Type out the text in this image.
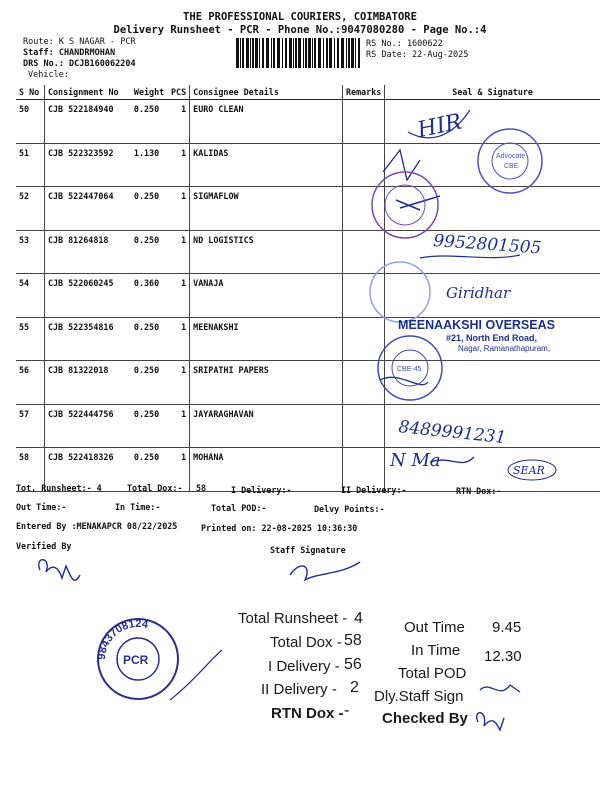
THE PROFESSIONAL COURIERS, COIMBATORE
Delivery Runsheet - PCR - Phone No.:9047080280 - Page No.:4
Route: K S NAGAR - PCR
Staff: CHANDRMOHAN
DRS No.: DCJB160062204
Vehicle:
RS No.: 1600622
RS Date: 22-Aug-2025
S No	Consignment No	Weight	PCS	Consignee Details	Remarks	Seal & Signature
50	CJB 522184940	0.250	1	EURO CLEAN		
51	CJB 522323592	1.130	1	KALIDAS		
52	CJB 522447064	0.250	1	SIGMAFLOW		
53	CJB 81264818	0.250	1	ND LOGISTICS		
54	CJB 522060245	0.360	1	VANAJA		
55	CJB 522354816	0.250	1	MEENAKSHI		
56	CJB 81322018	0.250	1	SRIPATHI PAPERS		
57	CJB 522444756	0.250	1	JAYARAGHAVAN		
58	CJB 522418326	0.250	1	MOHANA		
Tot. Runsheet:- 4	Total Dox:- 58	I Delivery:-	II Delivery:-	RTN Dox:-
Out Time:-	In Time:-	Total POD:-	Delvy Points:-
Entered By :MENAKAPCR 08/22/2025	Printed on: 22-08-2025 10:36:30
Verified By	Staff Signature
HIR
9952801505
Giridhar
8489991231
N Ma	SEAR
Advocate
CBE
CBE-45
MEENAAKSHI OVERSEAS
#21, North End Road,
Nagar, Ramanathapuram,
PCR
9843708124	Total Runsheet - 4
Total Dox - 58
I Delivery - 56
II Delivery - 2
RTN Dox - -
Out Time 9.45
In Time 12.30
Total POD
Dly.Staff Sign
Checked By
